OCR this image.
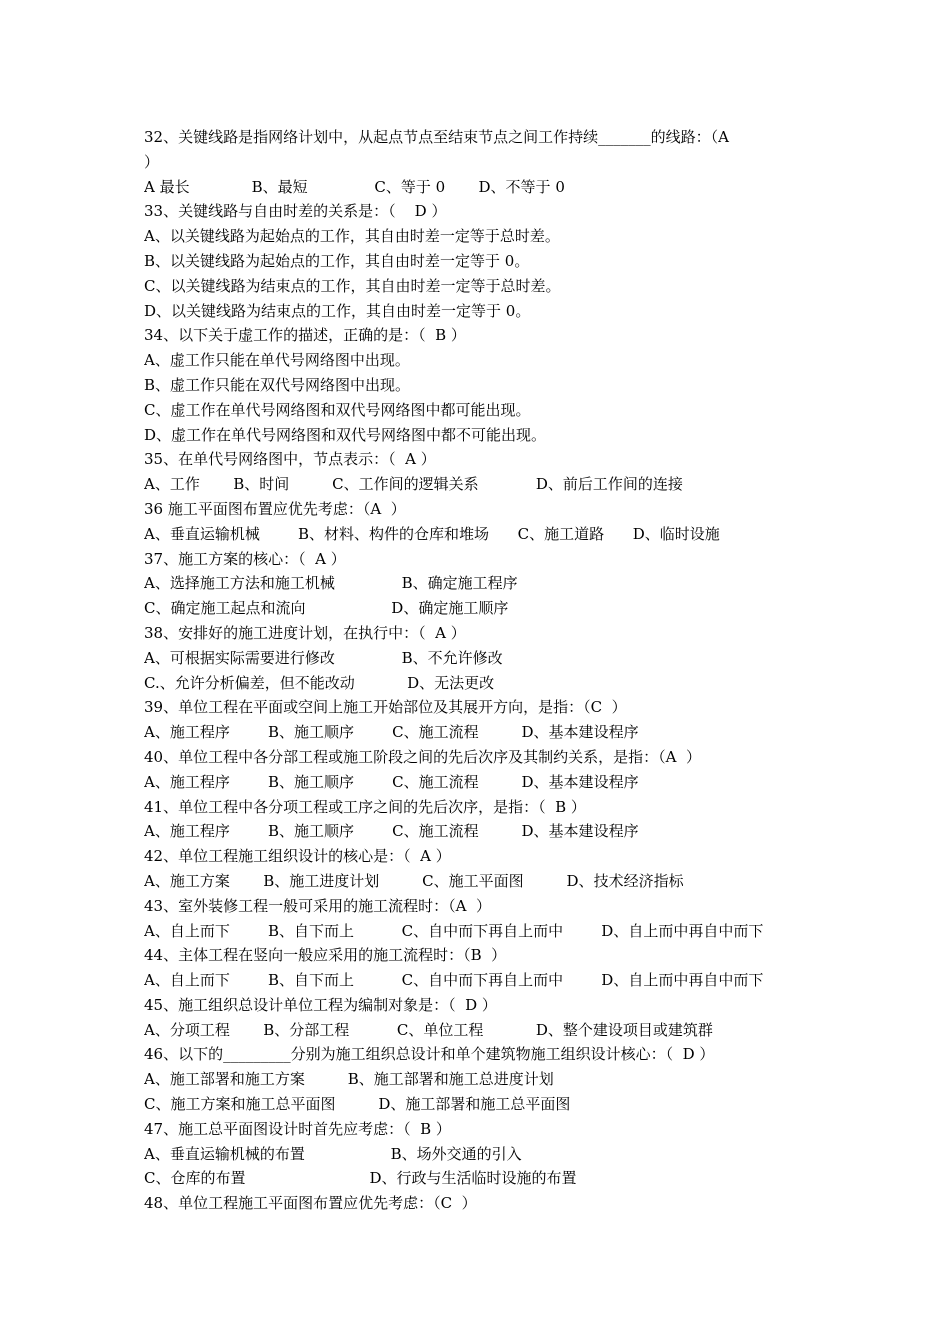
32、关键线路是指网络计划中，从起点节点至结束节点之间工作持续_______的线路：（A
）
A 最长             B、最短              C、等于 0       D、不等于 0
33、关键线路与自由时差的关系是：（    D ）
A、以关键线路为起始点的工作，其自由时差一定等于总时差。
B、以关键线路为起始点的工作，其自由时差一定等于 0。
C、以关键线路为结束点的工作，其自由时差一定等于总时差。
D、以关键线路为结束点的工作，其自由时差一定等于 0。
34、以下关于虚工作的描述，正确的是：（  B ）
A、虚工作只能在单代号网络图中出现。
B、虚工作只能在双代号网络图中出现。
C、虚工作在单代号网络图和双代号网络图中都可能出现。
D、虚工作在单代号网络图和双代号网络图中都不可能出现。
35、在单代号网络图中，节点表示：（  A ）
A、工作       B、时间         C、工作间的逻辑关系            D、前后工作间的连接
36 施工平面图布置应优先考虑：（A  ）
A、垂直运输机械        B、材料、构件的仓库和堆场      C、施工道路      D、临时设施
37、施工方案的核心：（  A ）
A、选择施工方法和施工机械              B、确定施工程序
C、确定施工起点和流向                  D、确定施工顺序
38、安排好的施工进度计划，在执行中：（  A ）
A、可根据实际需要进行修改              B、不允许修改
C.、允许分析偏差，但不能改动           D、无法更改
39、单位工程在平面或空间上施工开始部位及其展开方向，是指：（C  ）
A、施工程序        B、施工顺序        C、施工流程         D、基本建设程序
40、单位工程中各分部工程或施工阶段之间的先后次序及其制约关系，是指：（A  ）
A、施工程序        B、施工顺序        C、施工流程         D、基本建设程序
41、单位工程中各分项工程或工序之间的先后次序，是指：（  B ）
A、施工程序        B、施工顺序        C、施工流程         D、基本建设程序
42、单位工程施工组织设计的核心是：（  A ）
A、施工方案       B、施工进度计划         C、施工平面图         D、技术经济指标
43、室外装修工程一般可采用的施工流程时：（A  ）
A、自上而下        B、自下而上          C、自中而下再自上而中        D、自上而中再自中而下
44、主体工程在竖向一般应采用的施工流程时：（B  ）
A、自上而下        B、自下而上          C、自中而下再自上而中        D、自上而中再自中而下
45、施工组织总设计单位工程为编制对象是：（  D ）
A、分项工程       B、分部工程          C、单位工程           D、整个建设项目或建筑群
46、以下的_________分别为施工组织总设计和单个建筑物施工组织设计核心：（  D ）
A、施工部署和施工方案         B、施工部署和施工总进度计划
C、施工方案和施工总平面图         D、施工部署和施工总平面图
47、施工总平面图设计时首先应考虑：（  B ）
A、垂直运输机械的布置                  B、场外交通的引入
C、仓库的布置                          D、行政与生活临时设施的布置
48、单位工程施工平面图布置应优先考虑：（C  ）
